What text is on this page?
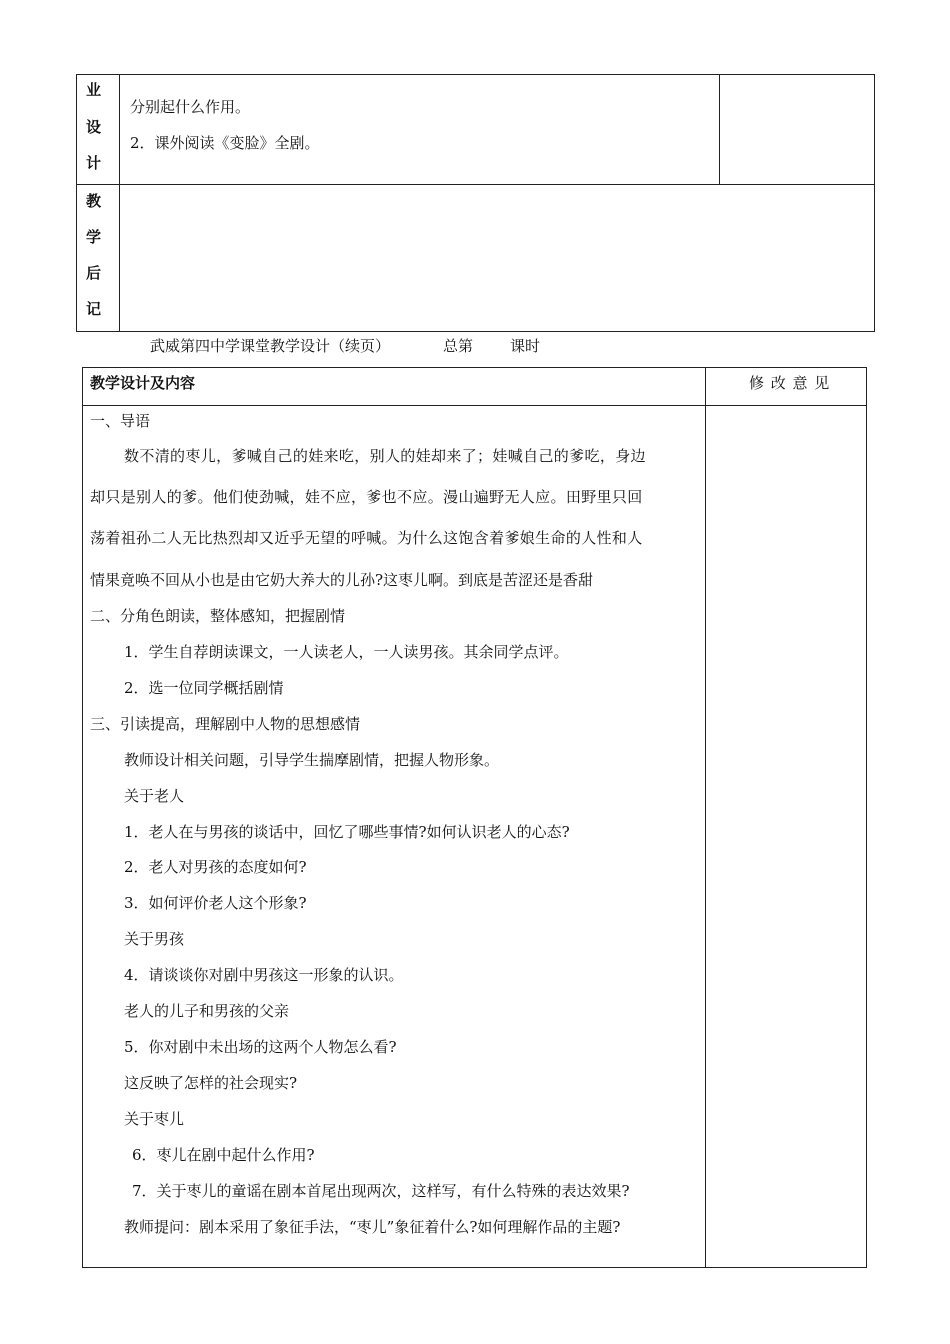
业
设
计
分别起什么作用。
2．课外阅读《变脸》全剧。
教
学
后
记
武威第四中学课堂教学设计（续页）	总第 课时
教学设计及内容	修 改 意 见
一、导语
数不清的枣儿，爹喊自己的娃来吃，别人的娃却来了；娃喊自己的爹吃，身边
却只是别人的爹。他们使劲喊，娃不应，爹也不应。漫山遍野无人应。田野里只回
荡着祖孙二人无比热烈却又近乎无望的呼喊。为什么这饱含着爹娘生命的人性和人
情果竟唤不回从小也是由它奶大养大的儿孙?这枣儿啊。到底是苦涩还是香甜
二、分角色朗读，整体感知，把握剧情
1．学生自荐朗读课文，一人读老人，一人读男孩。其余同学点评。
2．选一位同学概括剧情
三、引读提高，理解剧中人物的思想感情
教师设计相关问题，引导学生揣摩剧情，把握人物形象。
关于老人
1．老人在与男孩的谈话中，回忆了哪些事情?如何认识老人的心态?
2．老人对男孩的态度如何?
3．如何评价老人这个形象?
关于男孩
4．请谈谈你对剧中男孩这一形象的认识。
老人的儿子和男孩的父亲
5．你对剧中未出场的这两个人物怎么看?
这反映了怎样的社会现实?
关于枣儿
6．枣儿在剧中起什么作用?
7．关于枣儿的童谣在剧本首尾出现两次，这样写，有什么特殊的表达效果?
教师提问：剧本采用了象征手法，“枣儿”象征着什么?如何理解作品的主题?
